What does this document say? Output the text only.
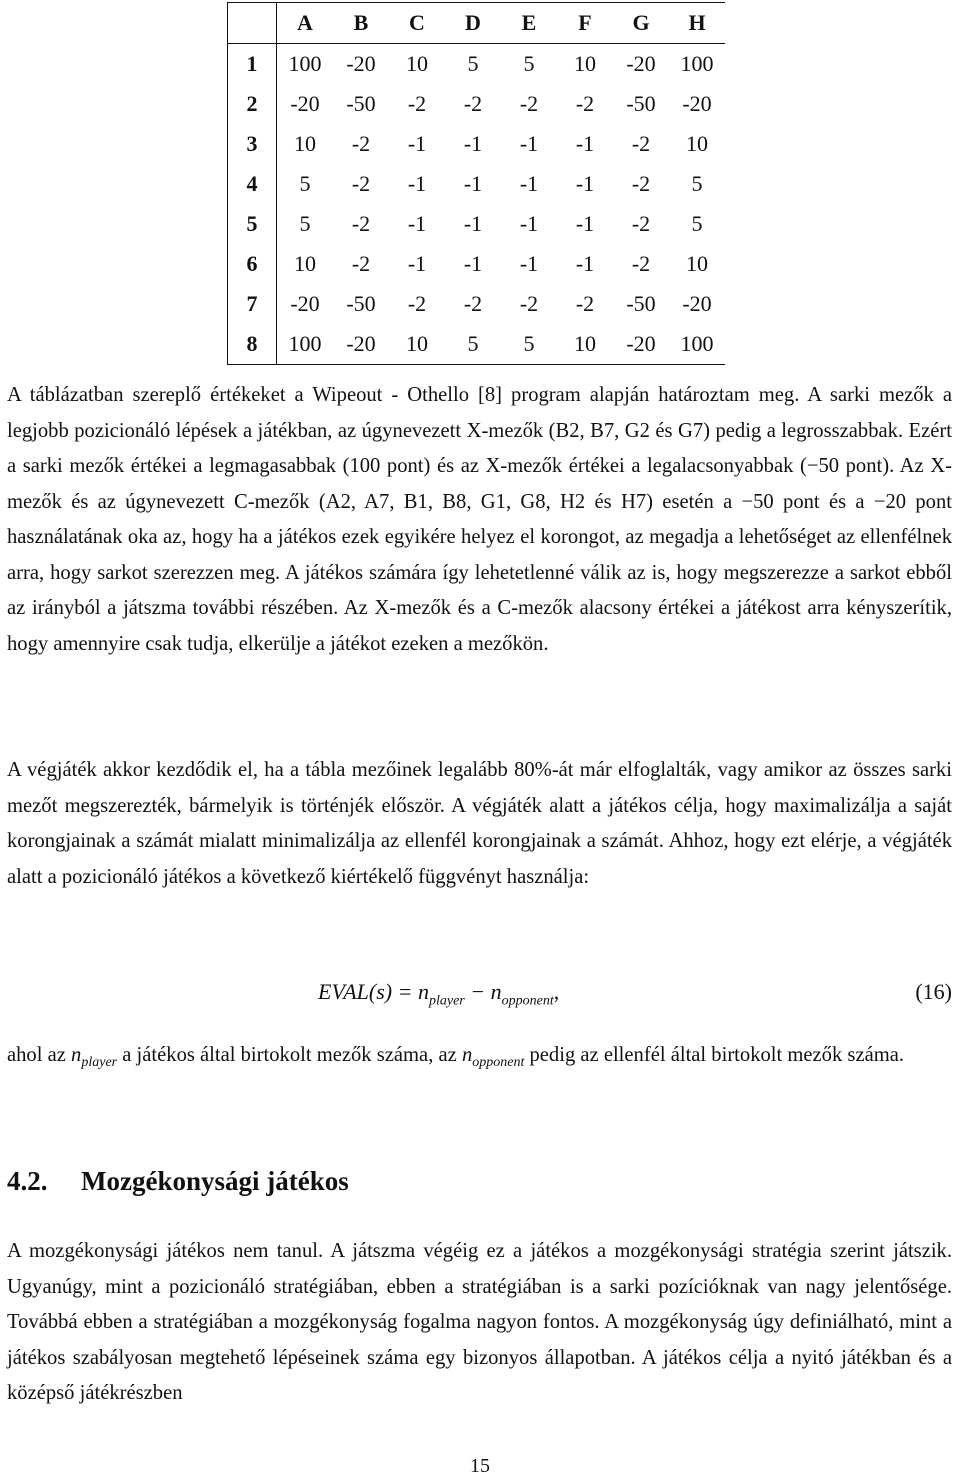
	A	B	C	D	E	F	G	H
1	100	-20	10	5	5	10	-20	100
2	-20	-50	-2	-2	-2	-2	-50	-20
3	10	-2	-1	-1	-1	-1	-2	10
4	5	-2	-1	-1	-1	-1	-2	5
5	5	-2	-1	-1	-1	-1	-2	5
6	10	-2	-1	-1	-1	-1	-2	10
7	-20	-50	-2	-2	-2	-2	-50	-20
8	100	-20	10	5	5	10	-20	100

A táblázatban szereplő értékeket a Wipeout - Othello [8] program alapján határoztam meg. A sarki mezők a legjobb pozicionáló lépések a játékban, az úgynevezett X-mezők (B2, B7, G2 és G7) pedig a legrosszabbak. Ezért a sarki mezők értékei a legmagasabbak (100 pont) és az X-mezők értékei a legalacsonyabbak (−50 pont). Az X-mezők és az úgynevezett C-mezők (A2, A7, B1, B8, G1, G8, H2 és H7) esetén a −50 pont és a −20 pont használatának oka az, hogy ha a játékos ezek egyikére helyez el korongot, az megadja a lehetőséget az ellenfélnek arra, hogy sarkot szerezzen meg. A játékos számára így lehetetlenné válik az is, hogy megszerezze a sarkot ebből az irányból a játszma további részében. Az X-mezők és a C-mezők alacsony értékei a játékost arra kényszerítik, hogy amennyire csak tudja, elkerülje a játékot ezeken a mezőkön.

A végjáték akkor kezdődik el, ha a tábla mezőinek legalább 80%-át már elfoglalták, vagy amikor az összes sarki mezőt megszerezték, bármelyik is történjék először. A végjáték alatt a játékos célja, hogy maximalizálja a saját korongjainak a számát mialatt minimalizálja az ellenfél korongjainak a számát. Ahhoz, hogy ezt elérje, a végjáték alatt a pozicionáló játékos a következő kiértékelő függvényt használja:

EVAL(s) = $n_{player} - n_{opponent}$,	(16)

ahol az $n_{player}$ a játékos által birtokolt mezők száma, az $n_{opponent}$ pedig az ellenfél által birtokolt mezők száma.

4.2. Mozgékonysági játékos

A mozgékonysági játékos nem tanul. A játszma végéig ez a játékos a mozgékonysági stratégia szerint játszik. Ugyanúgy, mint a pozicionáló stratégiában, ebben a stratégiában is a sarki pozícióknak van nagy jelentősége. Továbbá ebben a stratégiában a mozgékonyság fogalma nagyon fontos. A mozgékonyság úgy definiálható, mint a játékos szabályosan megtehető lépéseinek száma egy bizonyos állapotban. A játékos célja a nyitó játékban és a középső játékrészben

15
